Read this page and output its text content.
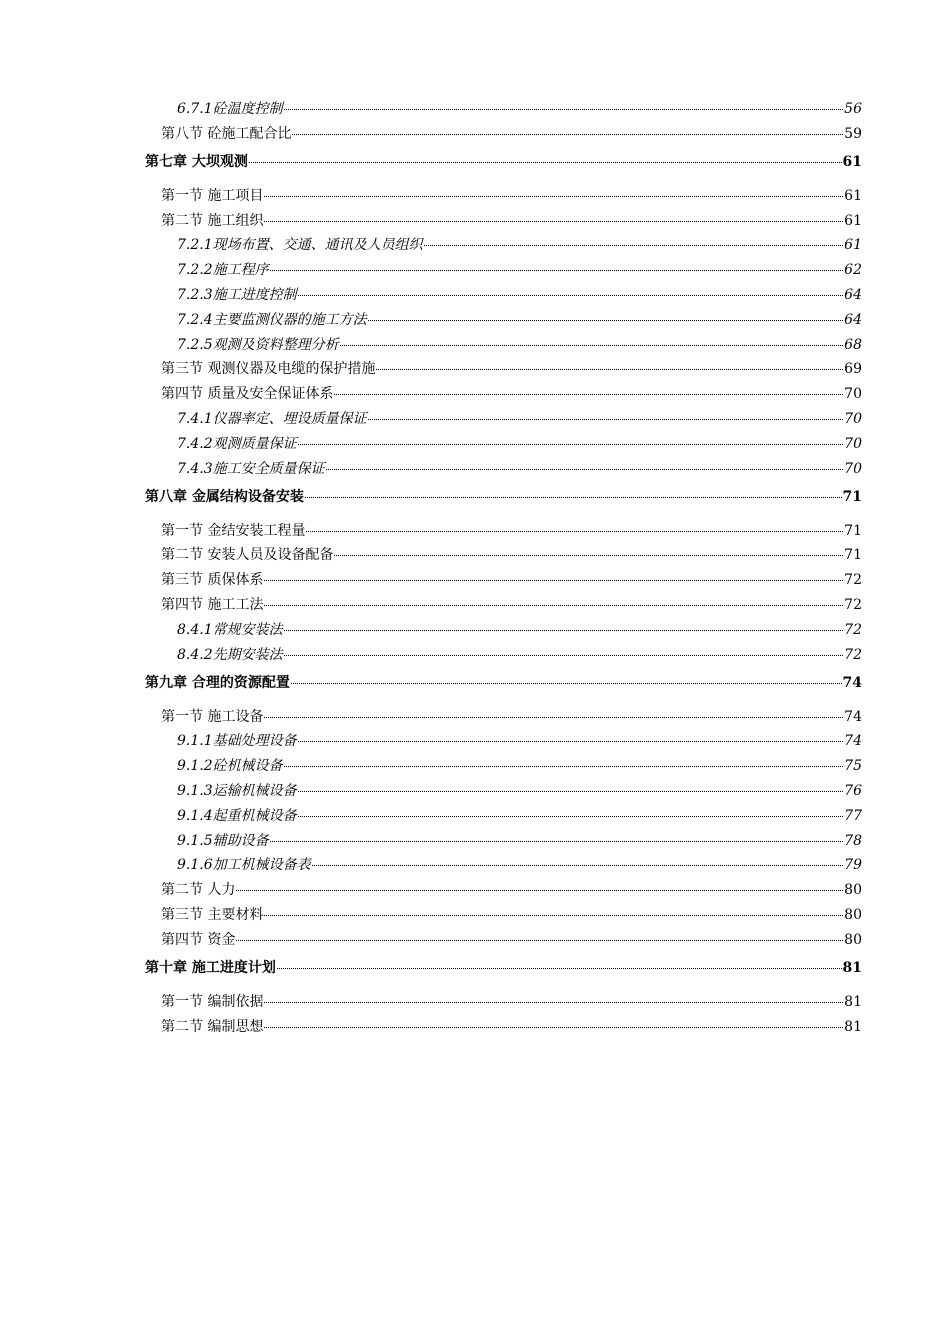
6.7.1砼温度控制	56
第八节 砼施工配合比	59
第七章 大坝观测	61
第一节 施工项目	61
第二节 施工组织	61
7.2.1现场布置、交通、通讯及人员组织	61
7.2.2施工程序	62
7.2.3施工进度控制	64
7.2.4主要监测仪器的施工方法	64
7.2.5观测及资料整理分析	68
第三节 观测仪器及电缆的保护措施	69
第四节 质量及安全保证体系	70
7.4.1仪器率定、埋设质量保证	70
7.4.2观测质量保证	70
7.4.3施工安全质量保证	70
第八章 金属结构设备安装	71
第一节 金结安装工程量	71
第二节 安装人员及设备配备	71
第三节 质保体系	72
第四节 施工工法	72
8.4.1常规安装法	72
8.4.2先期安装法	72
第九章 合理的资源配置	74
第一节 施工设备	74
9.1.1基础处理设备	74
9.1.2砼机械设备	75
9.1.3运输机械设备	76
9.1.4起重机械设备	77
9.1.5辅助设备	78
9.1.6加工机械设备表	79
第二节 人力	80
第三节 主要材料	80
第四节 资金	80
第十章 施工进度计划	81
第一节 编制依据	81
第二节 编制思想	81
